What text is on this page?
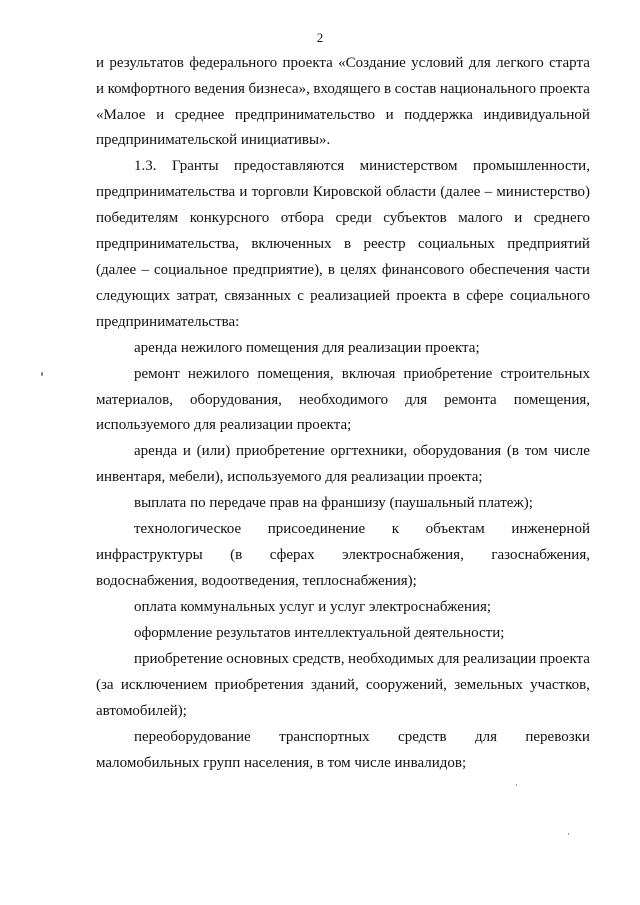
2
и результатов федерального проекта «Создание условий для легкого старта
и комфортного ведения бизнеса», входящего в состав национального проекта
«Малое и среднее предпринимательство и поддержка индивидуальной
предпринимательской инициативы».
1.3. Гранты предоставляются министерством промышленности,
предпринимательства и торговли Кировской области (далее – министерство)
победителям конкурсного отбора среди субъектов малого и среднего
предпринимательства, включенных в реестр социальных предприятий
(далее – социальное предприятие), в целях финансового обеспечения части
следующих затрат, связанных с реализацией проекта в сфере социального
предпринимательства:
аренда нежилого помещения для реализации проекта;
ремонт нежилого помещения, включая приобретение строительных
материалов, оборудования, необходимого для ремонта помещения,
используемого для реализации проекта;
аренда и (или) приобретение оргтехники, оборудования (в том числе
инвентаря, мебели), используемого для реализации проекта;
выплата по передаче прав на франшизу (паушальный платеж);
технологическое присоединение к объектам инженерной
инфраструктуры (в сферах электроснабжения, газоснабжения,
водоснабжения, водоотведения, теплоснабжения);
оплата коммунальных услуг и услуг электроснабжения;
оформление результатов интеллектуальной деятельности;
приобретение основных средств, необходимых для реализации проекта
(за исключением приобретения зданий, сооружений, земельных участков,
автомобилей);
переоборудование транспортных средств для перевозки
маломобильных групп населения, в том числе инвалидов;
